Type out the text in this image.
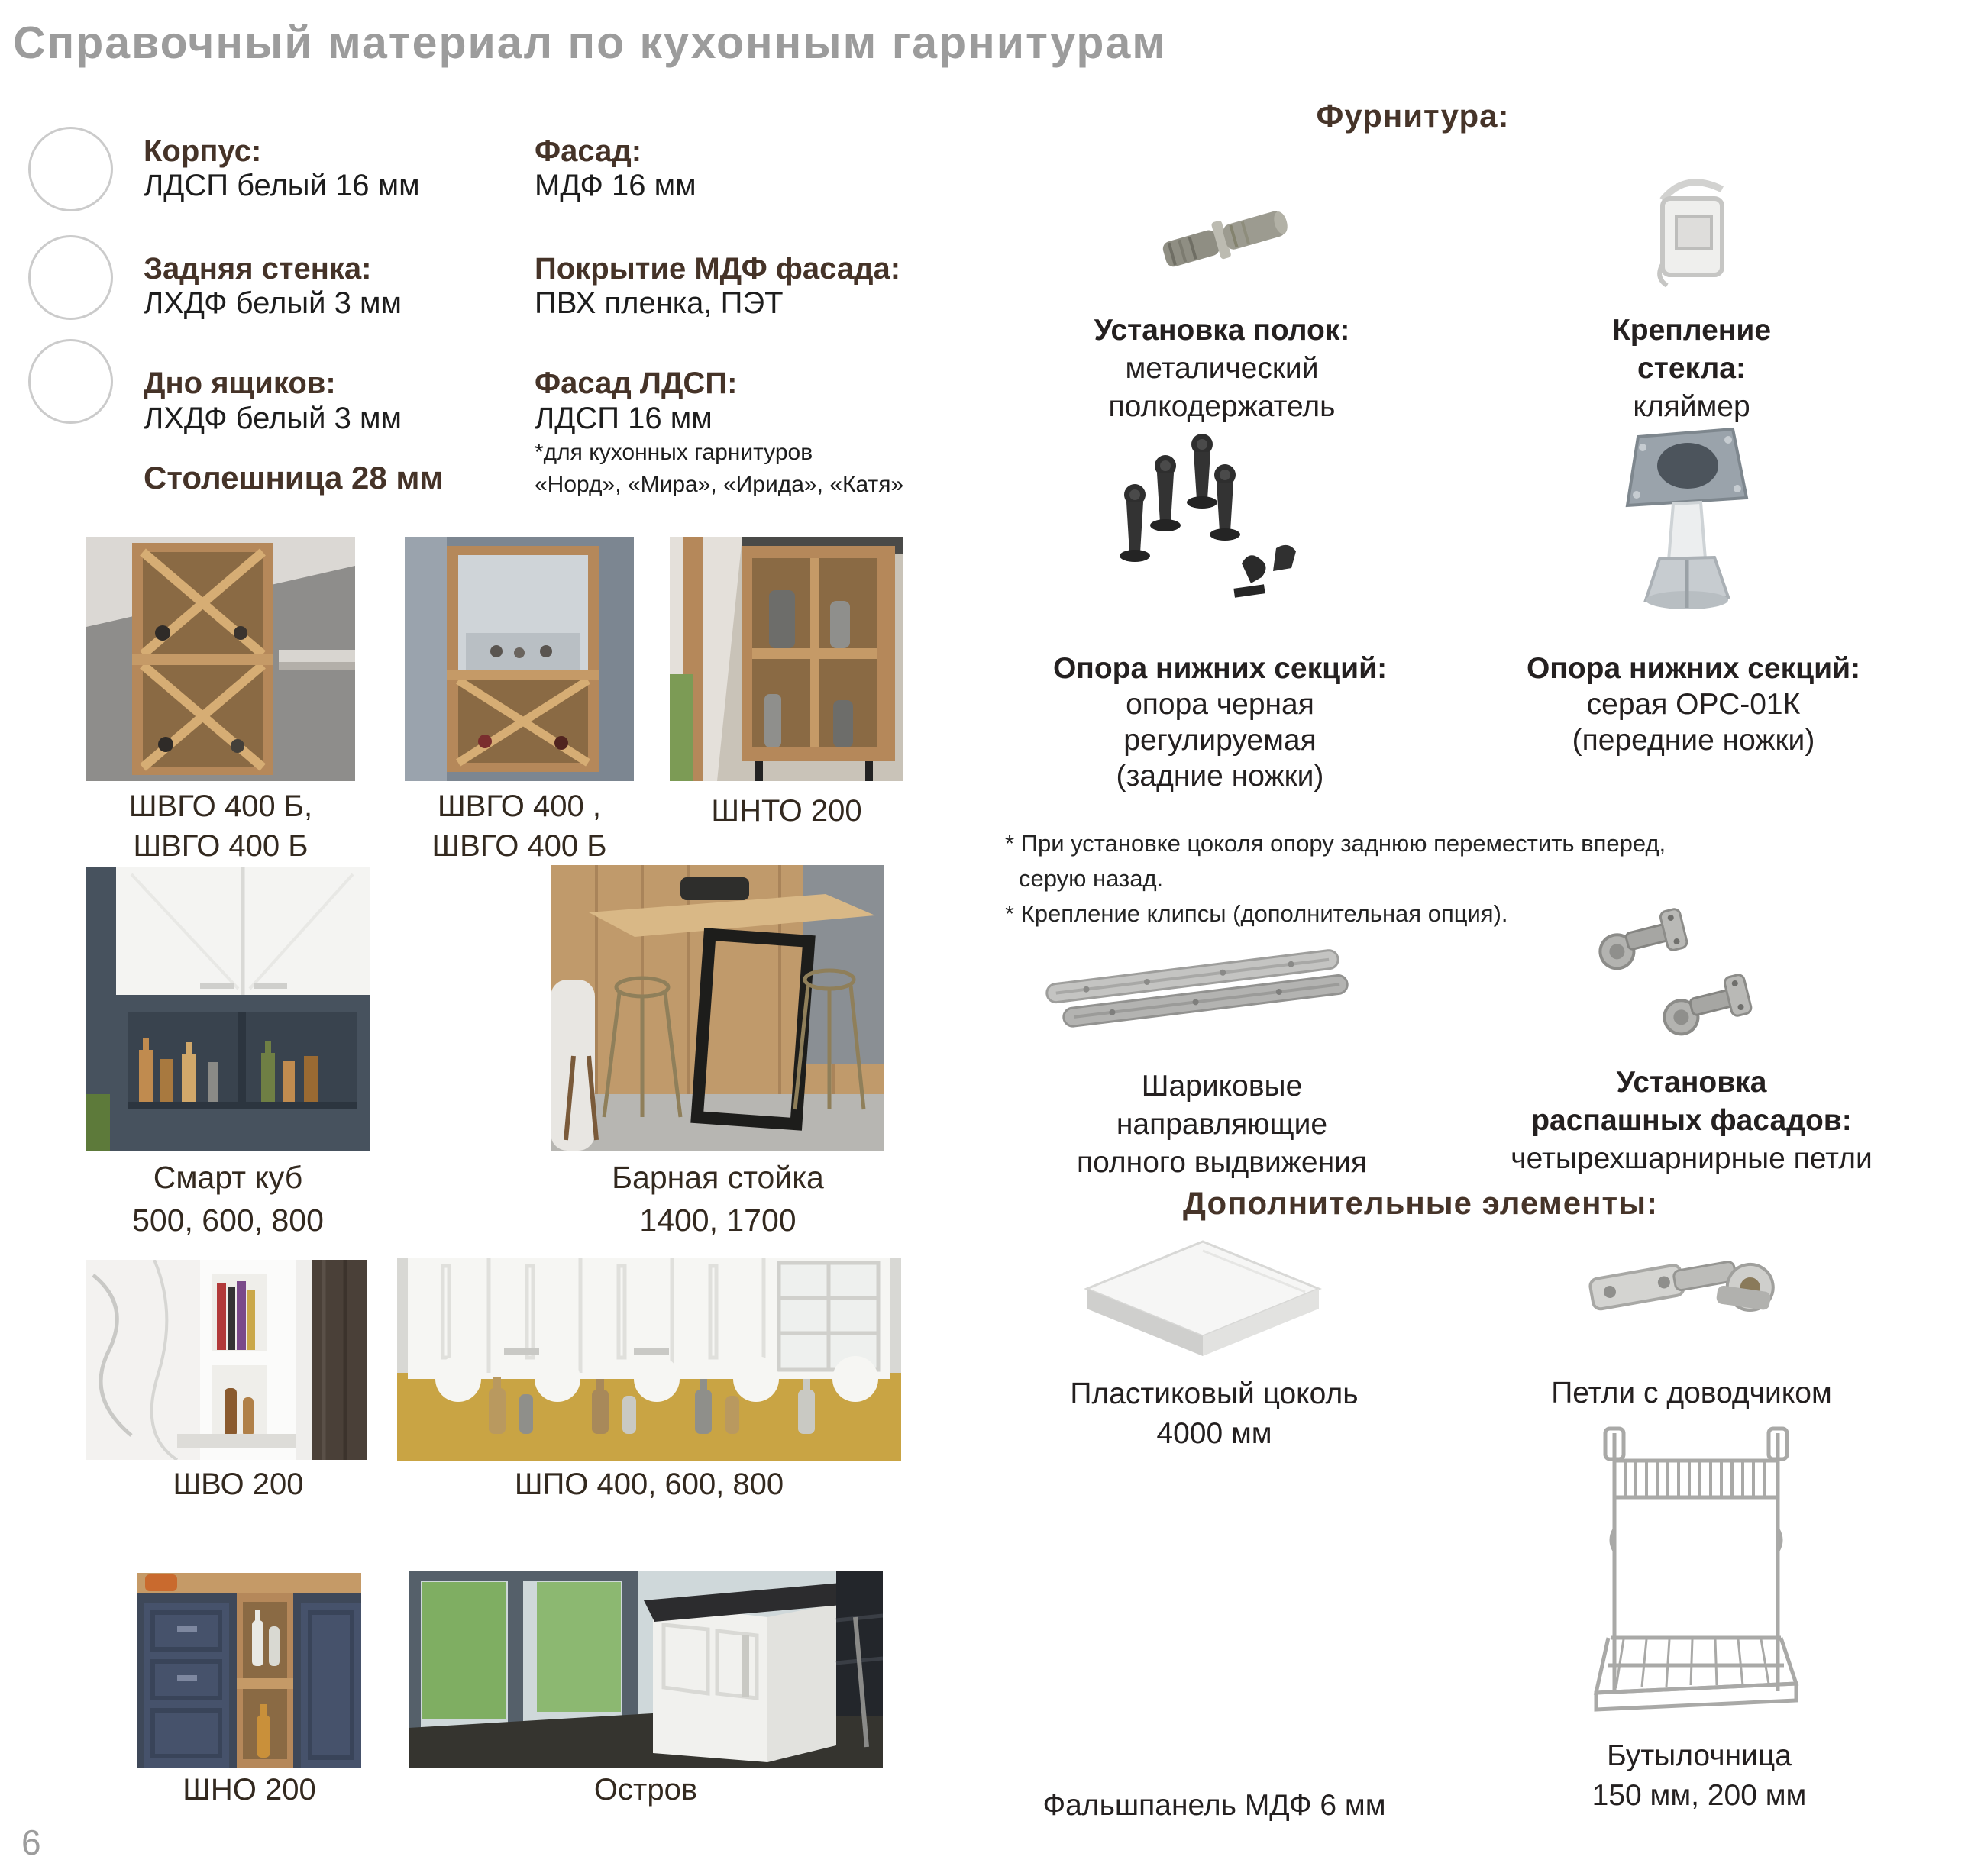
Справочный материал по кухонным гарнитурам
Корпус:
ЛДСП белый 16 мм
Задняя стенка:
ЛХДФ белый 3 мм
Дно ящиков:
ЛХДФ белый 3 мм
Столешница 28 мм
Фасад:
МДФ 16 мм
Покрытие МДФ фасада:
ПВХ пленка, ПЭТ
Фасад ЛДСП:
ЛДСП 16 мм
*для кухонных гарнитуров
«Норд», «Мира», «Ирида», «Катя»
ШВГО 400 Б,
ШВГО 400 Б
ШВГО 400 ,
ШВГО 400 Б
ШНТО 200
Смарт куб
500, 600, 800
Барная стойка
1400, 1700
ШВО 200	ШПО 400, 600, 800
ШНО 200	Остров
Фурнитура:
Установка полок:
металический
полкодержатель
Крепление
стекла:
кляймер
Опора нижних секций:
опора черная
регулируемая
(задние ножки)
Опора нижних секций:
серая ОРС-01К
(передние ножки)
* При установке цоколя опору заднюю переместить вперед,
серую назад.
* Крепление клипсы (дополнительная опция).
Шариковые
направляющие
полного выдвижения
Установка
распашных фасадов:
четырехшарнирные петли
Дополнительные элементы:
Пластиковый цоколь
4000 мм
Петли с доводчиком
Бутылочница
150 мм, 200 мм
Фальшпанель МДФ 6 мм
6
